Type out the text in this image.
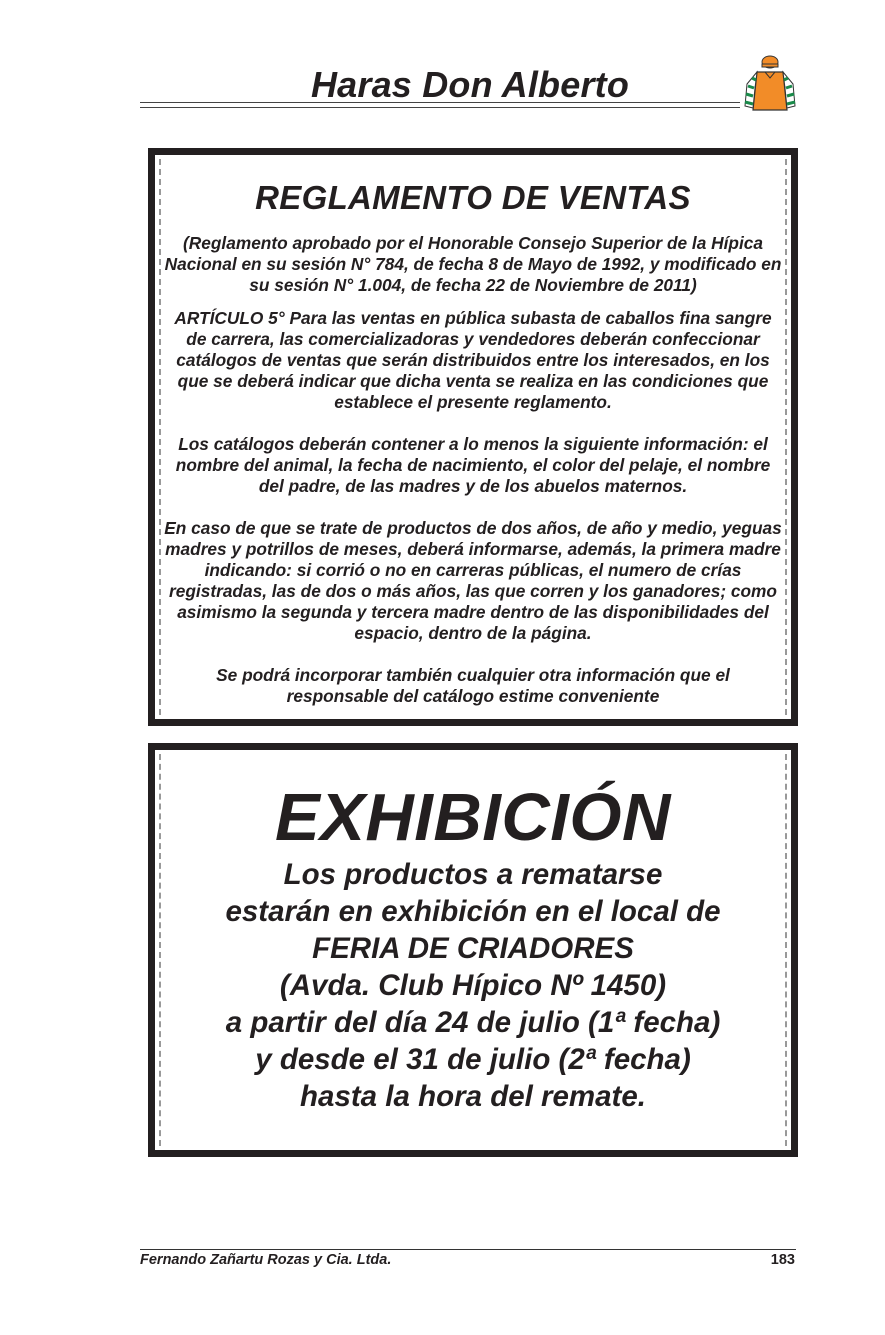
Haras Don Alberto
REGLAMENTO DE VENTAS
(Reglamento aprobado por el Honorable Consejo Superior de la Hípica Nacional en su sesión N° 784, de fecha 8 de Mayo de 1992, y modificado en su sesión N° 1.004, de fecha 22 de Noviembre de 2011)
ARTÍCULO 5° Para las ventas en pública subasta de caballos fina sangre de carrera, las comercializadoras y vendedores deberán confeccionar catálogos de ventas que serán distribuidos entre los interesados, en los que se deberá indicar que dicha venta se realiza en las condiciones que establece el presente reglamento.
Los catálogos deberán contener a lo menos la siguiente información: el nombre del animal, la fecha de nacimiento, el color del pelaje, el nombre del padre, de las madres y de los abuelos maternos.
En caso de que se trate de productos de dos años, de año y medio, yeguas madres y potrillos de meses, deberá informarse, además, la primera madre indicando: si corrió o no en carreras públicas, el numero de crías registradas, las de dos o más años, las que corren y los ganadores; como asimismo la segunda y tercera madre dentro de las disponibilidades del espacio, dentro de la página.
Se podrá incorporar también cualquier otra información que el responsable del catálogo estime conveniente
EXHIBICIÓN
Los productos a rematarse
estarán en exhibición en el local de
FERIA DE CRIADORES
(Avda. Club Hípico Nº 1450)
a partir del día 24 de julio (1ª fecha)
y desde el 31 de julio (2ª fecha)
hasta la hora del remate.
Fernando Zañartu Rozas y Cia. Ltda.	183
